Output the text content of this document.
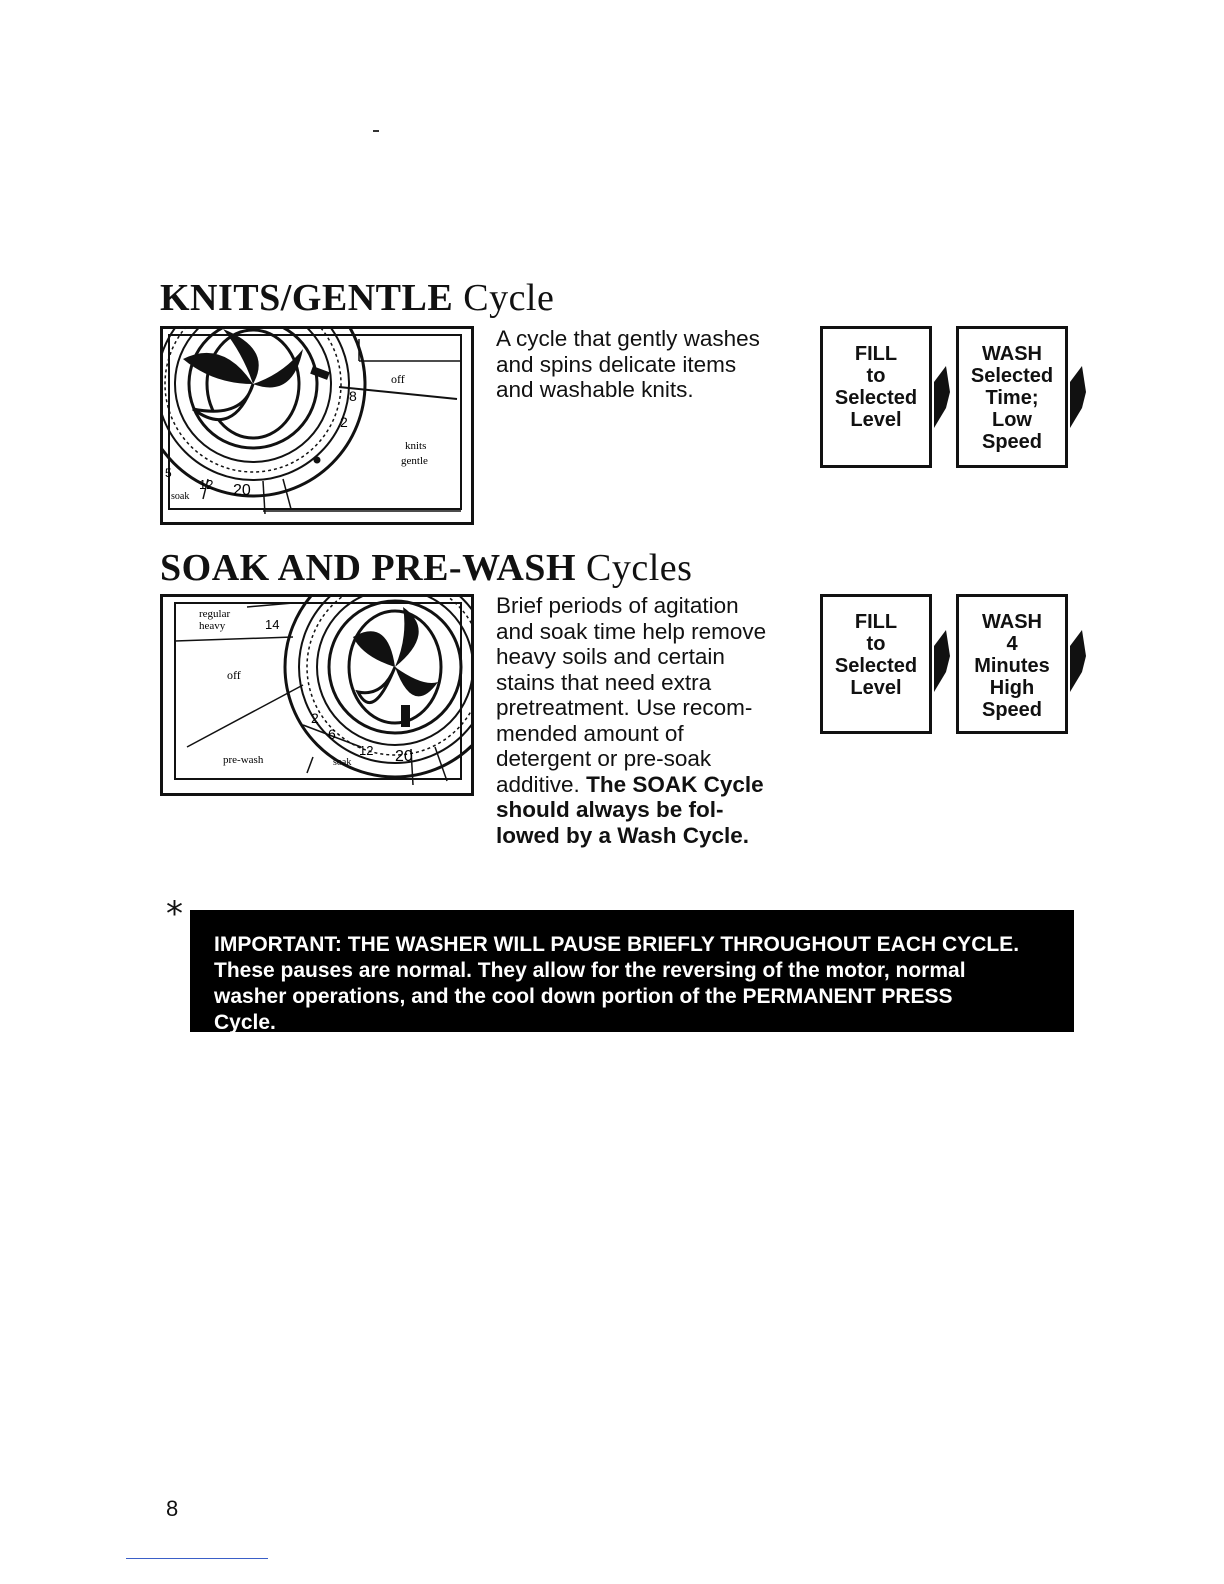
KNITS/GENTLE Cycle
off
knits
gentle
8
2
5
soak
12 20
A cycle that gently washes
and spins delicate items
and washable knits.
FILL
to
Selected
Level
WASH
Selected
Time;
Low
Speed
SOAK AND PRE-WASH Cycles
regular
heavy	14
off
2
6
pre-wash	soak
12 20
Brief periods of agitation
and soak time help remove
heavy soils and certain
stains that need extra
pretreatment. Use recom-
mended amount of
detergent or pre-soak
additive. The SOAK Cycle
should always be fol-
lowed by a Wash Cycle.
FILL
to
Selected
Level
WASH
4
Minutes
High
Speed
*
IMPORTANT: THE WASHER WILL PAUSE BRIEFLY THROUGHOUT EACH CYCLE.
These pauses are normal. They allow for the reversing of the motor, normal
washer operations, and the cool down portion of the PERMANENT PRESS
Cycle.
8
